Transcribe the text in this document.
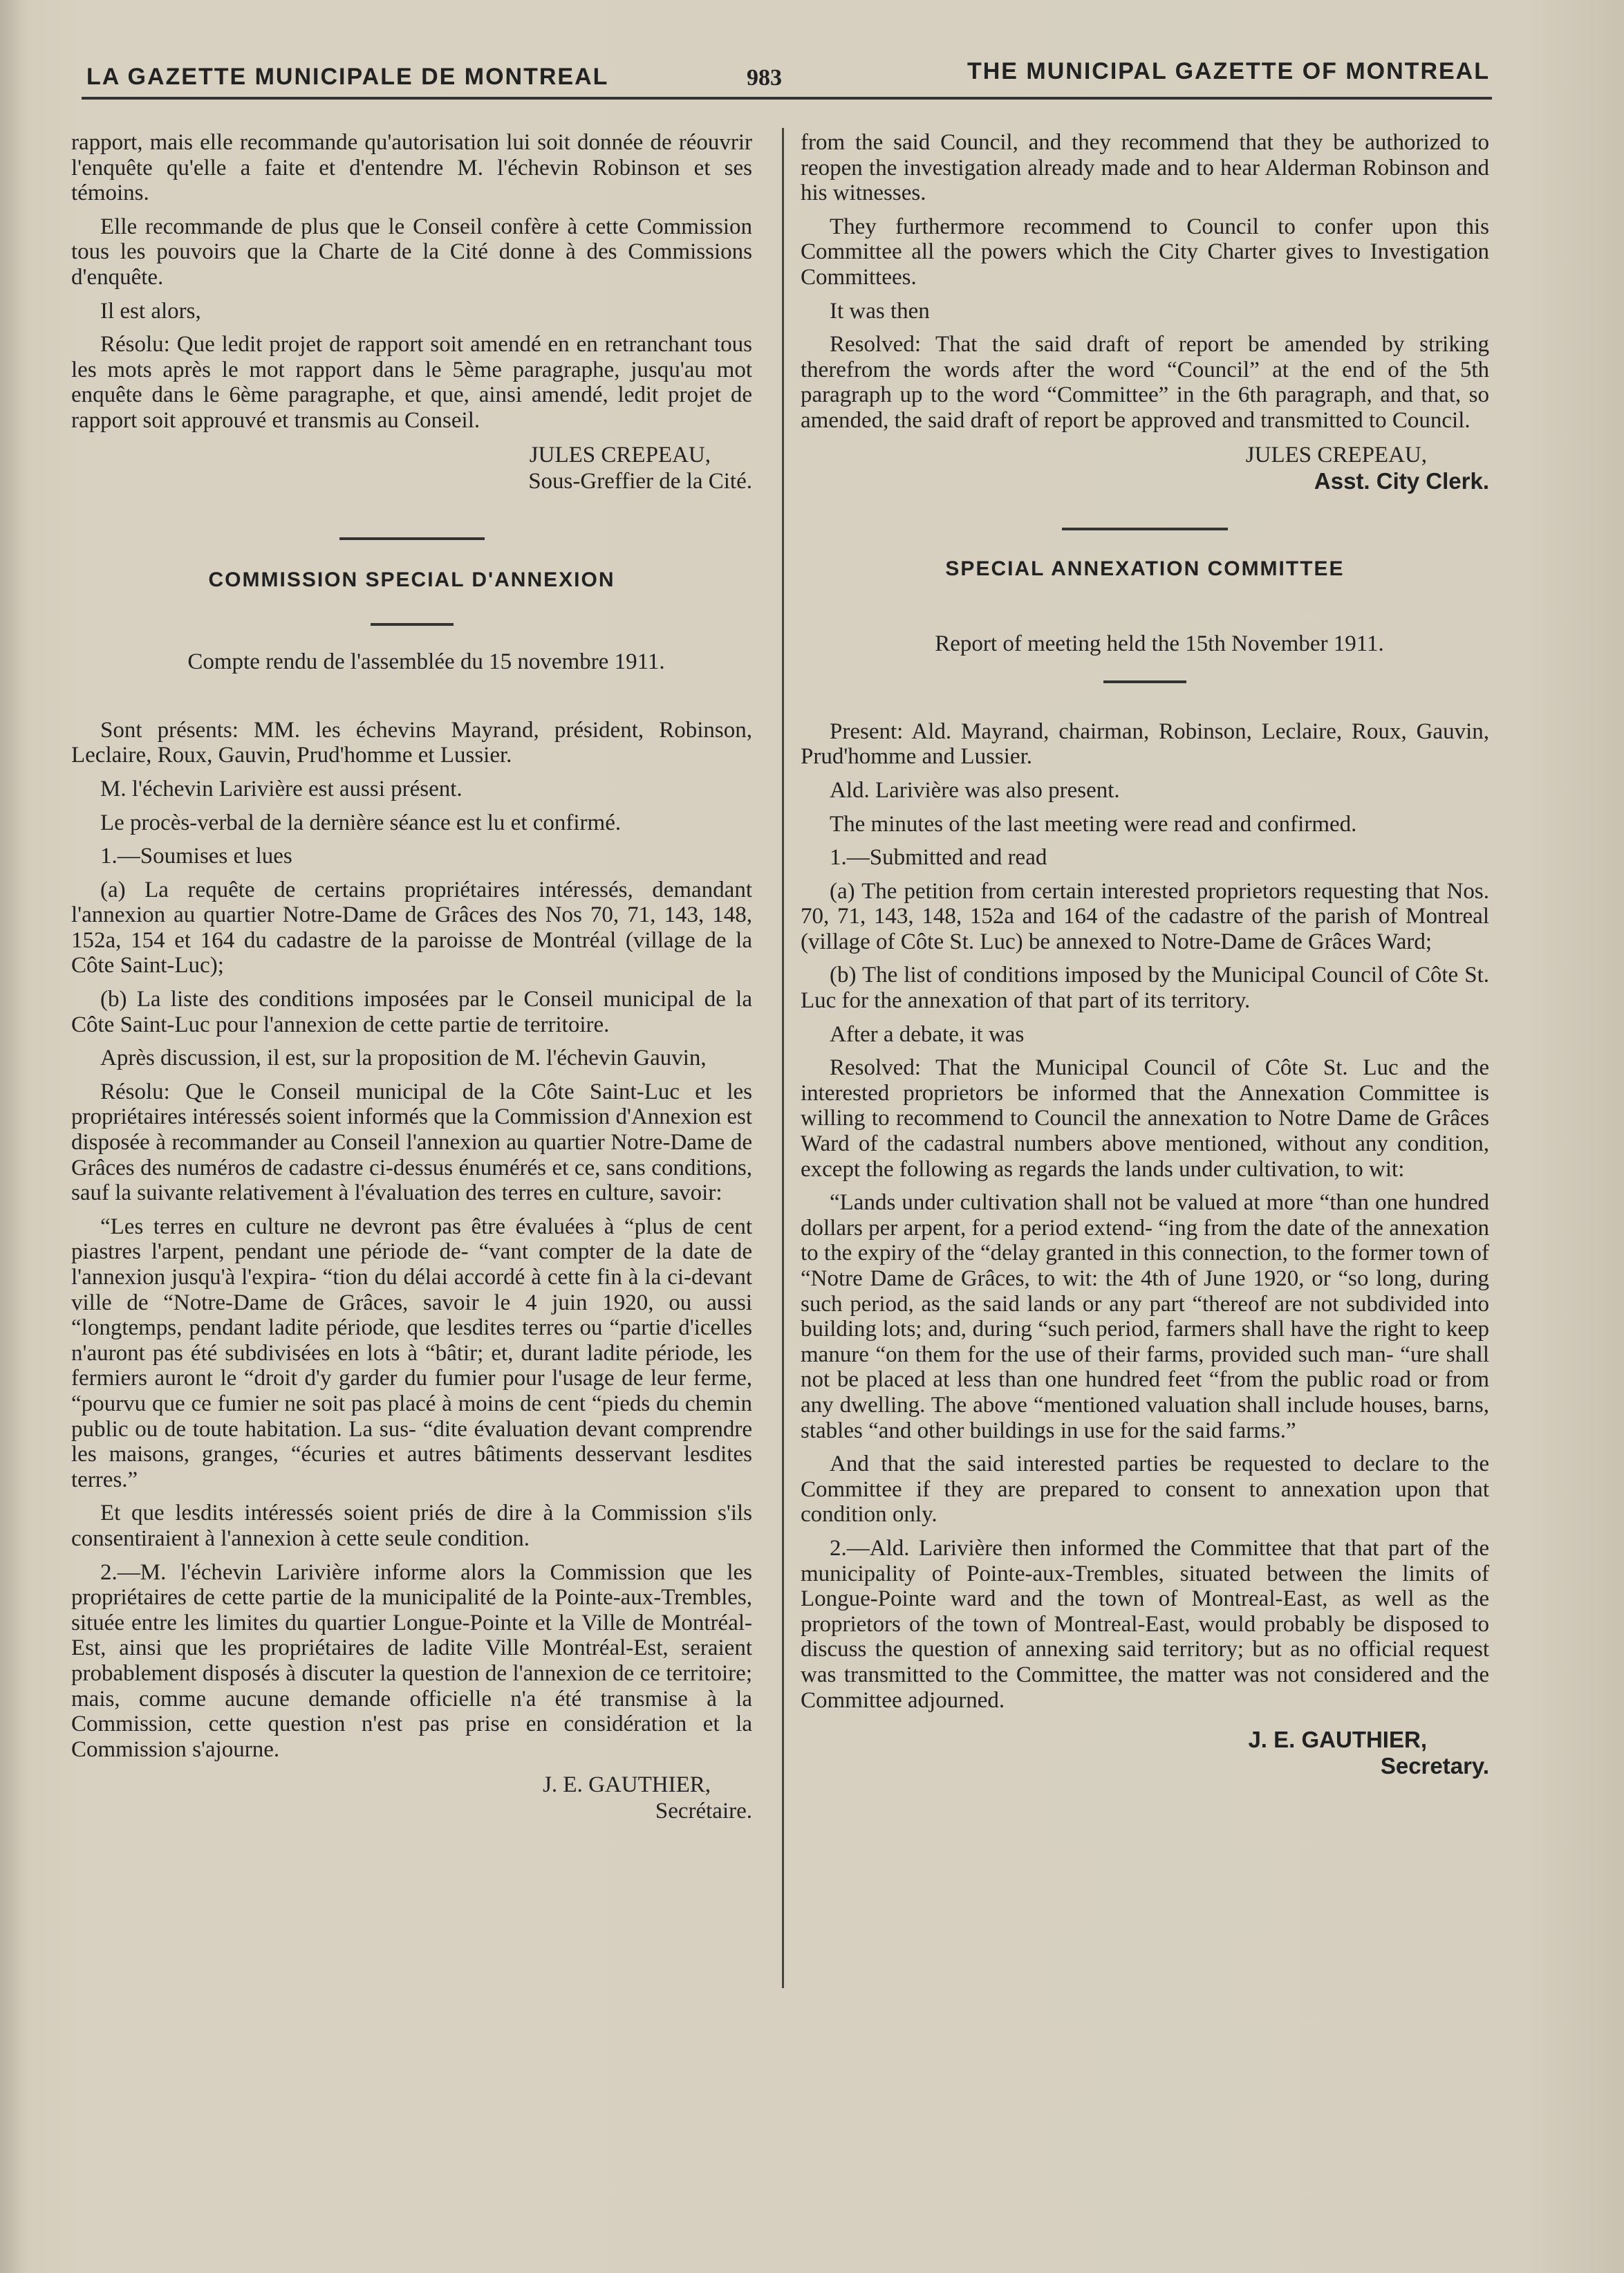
LA GAZETTE MUNICIPALE DE MONTREAL	983	THE MUNICIPAL GAZETTE OF MONTREAL

rapport, mais elle recommande qu'autorisation lui soit donnée de réouvrir l'enquête qu'elle a faite et d'entendre M. l'échevin Robinson et ses témoins.

Elle recommande de plus que le Conseil confère à cette Commission tous les pouvoirs que la Charte de la Cité donne à des Commissions d'enquête.

Il est alors,

Résolu: Que ledit projet de rapport soit amendé en en retranchant tous les mots après le mot rapport dans le 5ème paragraphe, jusqu'au mot enquête dans le 6ème paragraphe, et que, ainsi amendé, ledit projet de rapport soit approuvé et transmis au Conseil.

JULES CREPEAU,
Sous-Greffier de la Cité.
COMMISSION SPECIAL D'ANNEXION

Compte rendu de l'assemblée du 15 novembre 1911.

Sont présents: MM. les échevins Mayrand, président, Robinson, Leclaire, Roux, Gauvin, Prud'homme et Lussier.

M. l'échevin Larivière est aussi présent.

Le procès-verbal de la dernière séance est lu et confirmé.

1.—Soumises et lues

(a) La requête de certains propriétaires intéressés, demandant l'annexion au quartier Notre-Dame de Grâces des Nos 70, 71, 143, 148, 152a, 154 et 164 du cadastre de la paroisse de Montréal (village de la Côte Saint-Luc);

(b) La liste des conditions imposées par le Conseil municipal de la Côte Saint-Luc pour l'annexion de cette partie de territoire.

Après discussion, il est, sur la proposition de M. l'échevin Gauvin,

Résolu: Que le Conseil municipal de la Côte Saint-Luc et les propriétaires intéressés soient informés que la Commission d'Annexion est disposée à recommander au Conseil l'annexion au quartier Notre-Dame de Grâces des numéros de cadastre ci-dessus énumérés et ce, sans conditions, sauf la suivante relativement à l'évaluation des terres en culture, savoir:

“Les terres en culture ne devront pas être évaluées à “plus de cent piastres l'arpent, pendant une période de- “vant compter de la date de l'annexion jusqu'à l'expira- “tion du délai accordé à cette fin à la ci-devant ville de “Notre-Dame de Grâces, savoir le 4 juin 1920, ou aussi “longtemps, pendant ladite période, que lesdites terres ou “partie d'icelles n'auront pas été subdivisées en lots à “bâtir; et, durant ladite période, les fermiers auront le “droit d'y garder du fumier pour l'usage de leur ferme, “pourvu que ce fumier ne soit pas placé à moins de cent “pieds du chemin public ou de toute habitation. La sus- “dite évaluation devant comprendre les maisons, granges, “écuries et autres bâtiments desservant lesdites terres.”

Et que lesdits intéressés soient priés de dire à la Commission s'ils consentiraient à l'annexion à cette seule condition.

2.—M. l'échevin Larivière informe alors la Commission que les propriétaires de cette partie de la municipalité de la Pointe-aux-Trembles, située entre les limites du quartier Longue-Pointe et la Ville de Montréal-Est, ainsi que les propriétaires de ladite Ville Montréal-Est, seraient probablement disposés à discuter la question de l'annexion de ce territoire; mais, comme aucune demande officielle n'a été transmise à la Commission, cette question n'est pas prise en considération et la Commission s'ajourne.

J. E. GAUTHIER,
Secrétaire.

from the said Council, and they recommend that they be authorized to reopen the investigation already made and to hear Alderman Robinson and his witnesses.

They furthermore recommend to Council to confer upon this Committee all the powers which the City Charter gives to Investigation Committees.

It was then

Resolved: That the said draft of report be amended by striking therefrom the words after the word “Council” at the end of the 5th paragraph up to the word “Committee” in the 6th paragraph, and that, so amended, the said draft of report be approved and transmitted to Council.

JULES CREPEAU,
Asst. City Clerk.
SPECIAL ANNEXATION COMMITTEE

Report of meeting held the 15th November 1911.

Present: Ald. Mayrand, chairman, Robinson, Leclaire, Roux, Gauvin, Prud'homme and Lussier.

Ald. Larivière was also present.

The minutes of the last meeting were read and confirmed.

1.—Submitted and read

(a) The petition from certain interested proprietors requesting that Nos. 70, 71, 143, 148, 152a and 164 of the cadastre of the parish of Montreal (village of Côte St. Luc) be annexed to Notre-Dame de Grâces Ward;

(b) The list of conditions imposed by the Municipal Council of Côte St. Luc for the annexation of that part of its territory.

After a debate, it was

Resolved: That the Municipal Council of Côte St. Luc and the interested proprietors be informed that the Annexation Committee is willing to recommend to Council the annexation to Notre Dame de Grâces Ward of the cadastral numbers above mentioned, without any condition, except the following as regards the lands under cultivation, to wit:

“Lands under cultivation shall not be valued at more “than one hundred dollars per arpent, for a period extend- “ing from the date of the annexation to the expiry of the “delay granted in this connection, to the former town of “Notre Dame de Grâces, to wit: the 4th of June 1920, or “so long, during such period, as the said lands or any part “thereof are not subdivided into building lots; and, during “such period, farmers shall have the right to keep manure “on them for the use of their farms, provided such man- “ure shall not be placed at less than one hundred feet “from the public road or from any dwelling. The above “mentioned valuation shall include houses, barns, stables “and other buildings in use for the said farms.”

And that the said interested parties be requested to declare to the Committee if they are prepared to consent to annexation upon that condition only.

2.—Ald. Larivière then informed the Committee that that part of the municipality of Pointe-aux-Trembles, situated between the limits of Longue-Pointe ward and the town of Montreal-East, as well as the proprietors of the town of Montreal-East, would probably be disposed to discuss the question of annexing said territory; but as no official request was transmitted to the Committee, the matter was not considered and the Committee adjourned.

J. E. GAUTHIER,
Secretary.
